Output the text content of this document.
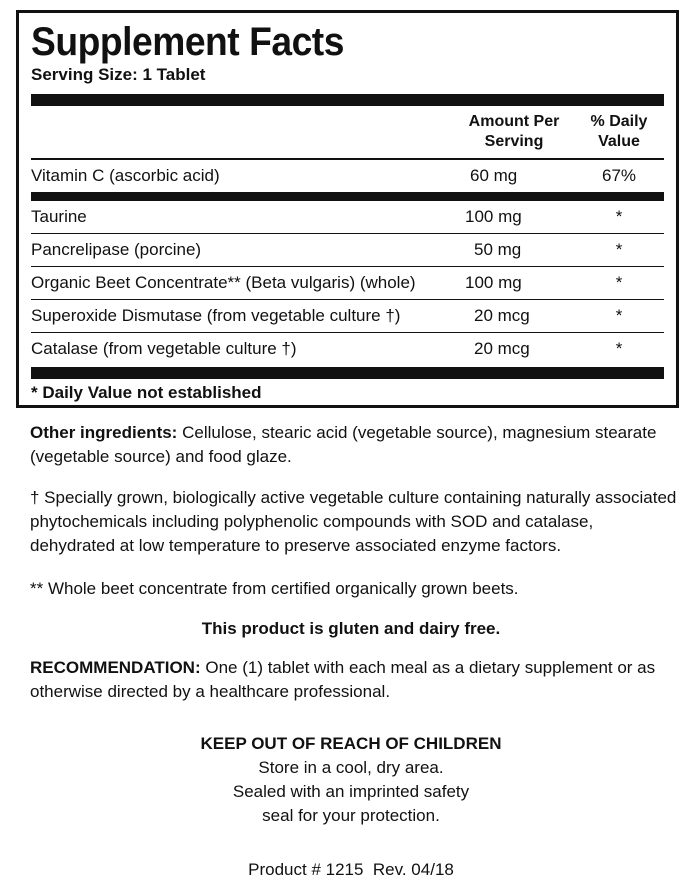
Supplement Facts
Serving Size: 1 Tablet
Amount Per
Serving
% Daily
Value
Vitamin C (ascorbic acid)	60 mg	67%
Taurine	100 mg	*
Pancrelipase (porcine)	50 mg	*
Organic Beet Concentrate** (Beta vulgaris) (whole)	100 mg	*
Superoxide Dismutase (from vegetable culture †)	20 mcg	*
Catalase (from vegetable culture †)	20 mcg	*
* Daily Value not established
Other ingredients: Cellulose, stearic acid (vegetable source), magnesium stearate (vegetable source) and food glaze.
† Specially grown, biologically active vegetable culture containing naturally associated phytochemicals including polyphenolic compounds with SOD and catalase, dehydrated at low temperature to preserve associated enzyme factors.
** Whole beet concentrate from certified organically grown beets.
This product is gluten and dairy free.
RECOMMENDATION: One (1) tablet with each meal as a dietary supplement or as otherwise directed by a healthcare professional.
KEEP OUT OF REACH OF CHILDREN
Store in a cool, dry area.
Sealed with an imprinted safety
seal for your protection.
Product # 1215  Rev. 04/18
